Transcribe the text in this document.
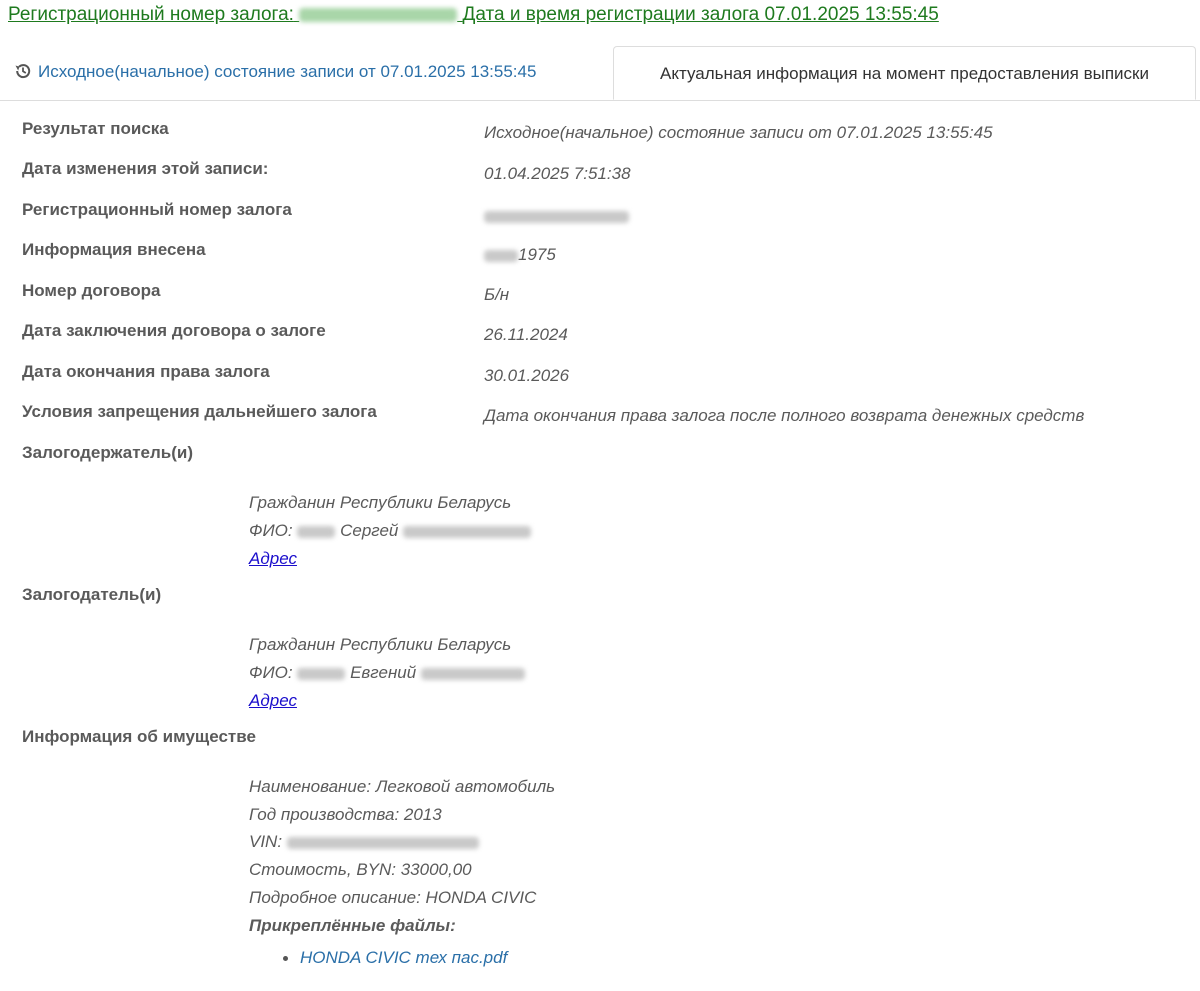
Регистрационный номер залога:	Дата и время регистрации залога 07.01.2025 13:55:45
Исходное(начальное) состояние записи от 07.01.2025 13:55:45	Актуальная информация на момент предоставления выписки
Результат поиска	Исходное(начальное) состояние записи от 07.01.2025 13:55:45
Дата изменения этой записи:	01.04.2025 7:51:38
Регистрационный номер залога
Информация внесена	1975
Номер договора	Б/н
Дата заключения договора о залоге	26.11.2024
Дата окончания права залога	30.01.2026
Условия запрещения дальнейшего залога	Дата окончания права залога после полного возврата денежных средств
Залогодержатель(и)
Гражданин Республики Беларусь
ФИО:	Сергей
Адрес
Залогодатель(и)
Гражданин Республики Беларусь
ФИО:	Евгений
Адрес
Информация об имуществе
Наименование: Легковой автомобиль
Год производства: 2013
VIN:
Стоимость, BYN: 33000,00
Подробное описание: HONDA CIVIC
Прикреплённые файлы:
HONDA CIVIC тех пас.pdf
